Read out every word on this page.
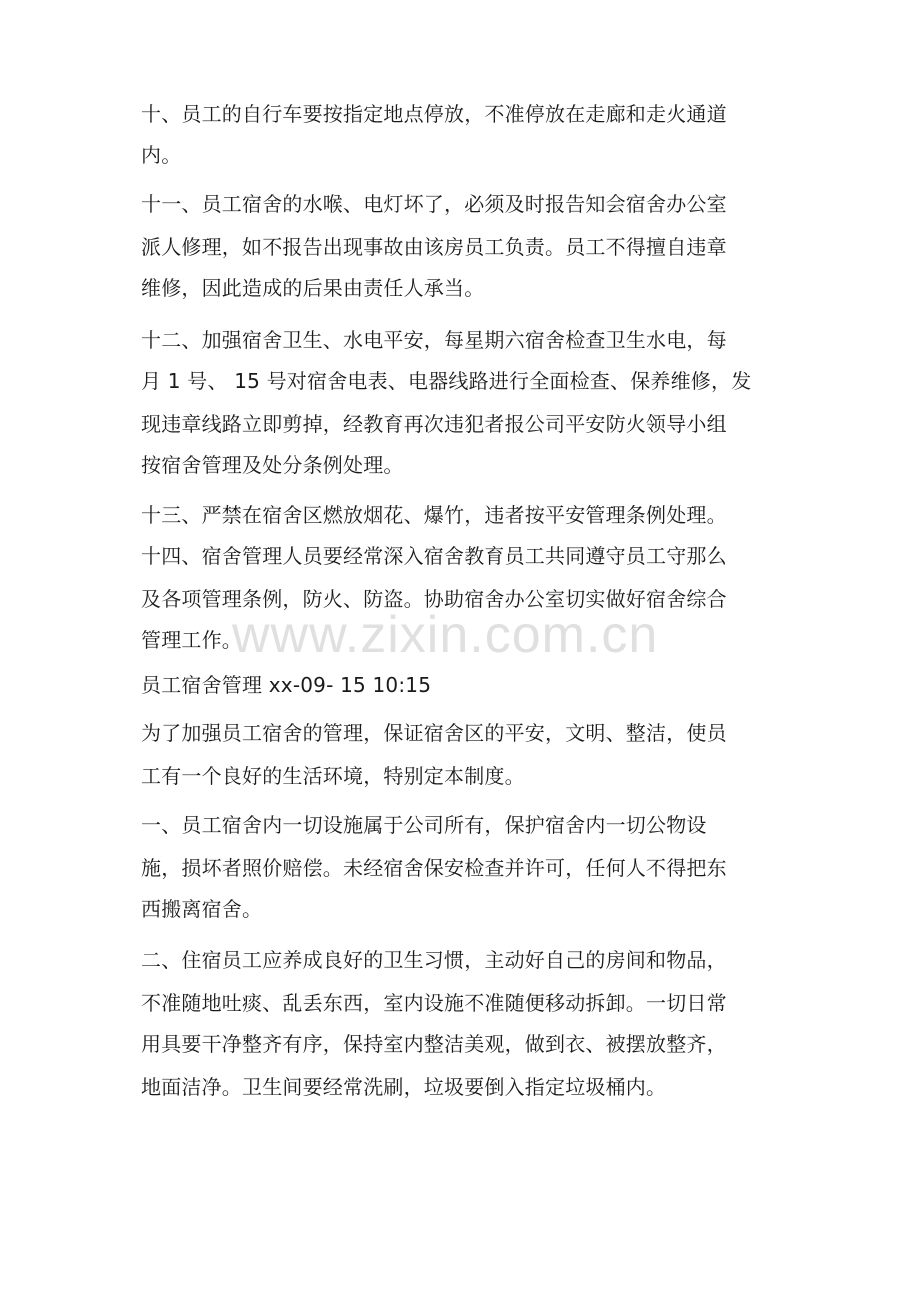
十、员工的自行车要按指定地点停放，不准停放在走廊和走火通道
内。
十一、员工宿舍的水喉、电灯坏了，必须及时报告知会宿舍办公室
派人修理，如不报告出现事故由该房员工负责。员工不得擅自违章
维修，因此造成的后果由责任人承当。
十二、加强宿舍卫生、水电平安，每星期六宿舍检查卫生水电，每
月 1 号、 15 号对宿舍电表、电器线路进行全面检查、保养维修，发
现违章线路立即剪掉，经教育再次违犯者报公司平安防火领导小组
按宿舍管理及处分条例处理。
十三、严禁在宿舍区燃放烟花、爆竹，违者按平安管理条例处理。
十四、宿舍管理人员要经常深入宿舍教育员工共同遵守员工守那么
及各项管理条例，防火、防盗。协助宿舍办公室切实做好宿舍综合
管理工作。
员工宿舍管理 xx-09- 15 10:15
为了加强员工宿舍的管理，保证宿舍区的平安，文明、整洁，使员
工有一个良好的生活环境，特别定本制度。
一、员工宿舍内一切设施属于公司所有，保护宿舍内一切公物设
施，损坏者照价赔偿。未经宿舍保安检查并许可，任何人不得把东
西搬离宿舍。
二、住宿员工应养成良好的卫生习惯，主动好自己的房间和物品，
不准随地吐痰、乱丢东西，室内设施不准随便移动拆卸。一切日常
用具要干净整齐有序，保持室内整洁美观，做到衣、被摆放整齐，
地面洁净。卫生间要经常洗刷，垃圾要倒入指定垃圾桶内。
www.zixin.com.cn
